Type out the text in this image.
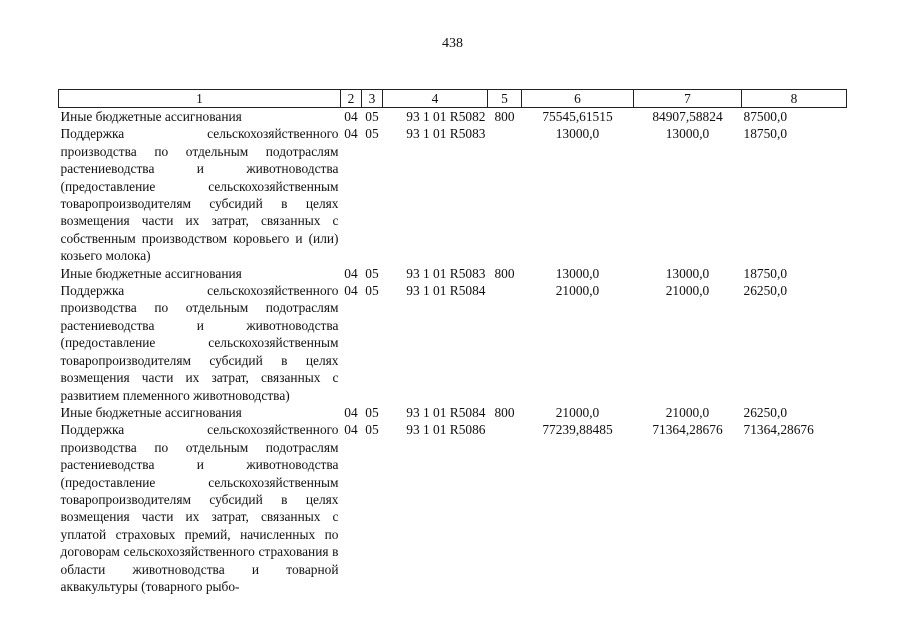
438
1	2	3	4	5	6	7	8
Иные бюджетные ассигнования	04	05	93 1 01 R5082	800	75545,61515	84907,58824	87500,0
Поддержка сельскохозяйственного производства по отдельным подотраслям растениеводства и животноводства (предоставление сельскохозяйственным товаропроизводителям субсидий в целях возмещения части их затрат, связанных с собственным производством коровьего и (или) козьего молока)	04	05	93 1 01 R5083		13000,0	13000,0	18750,0
Иные бюджетные ассигнования	04	05	93 1 01 R5083	800	13000,0	13000,0	18750,0
Поддержка сельскохозяйственного производства по отдельным подотраслям растениеводства и животноводства (предоставление сельскохозяйственным товаропроизводителям субсидий в целях возмещения части их затрат, связанных с развитием племенного животноводства)	04	05	93 1 01 R5084		21000,0	21000,0	26250,0
Иные бюджетные ассигнования	04	05	93 1 01 R5084	800	21000,0	21000,0	26250,0
Поддержка сельскохозяйственного производства по отдельным подотраслям растениеводства и животноводства (предоставление сельскохозяйственным товаропроизводителям субсидий в целях возмещения части их затрат, связанных с уплатой страховых премий, начисленных по договорам сельскохозяйственного страхования в области животноводства и товарной аквакультуры (товарного рыбо-	04	05	93 1 01 R5086		77239,88485	71364,28676	71364,28676
